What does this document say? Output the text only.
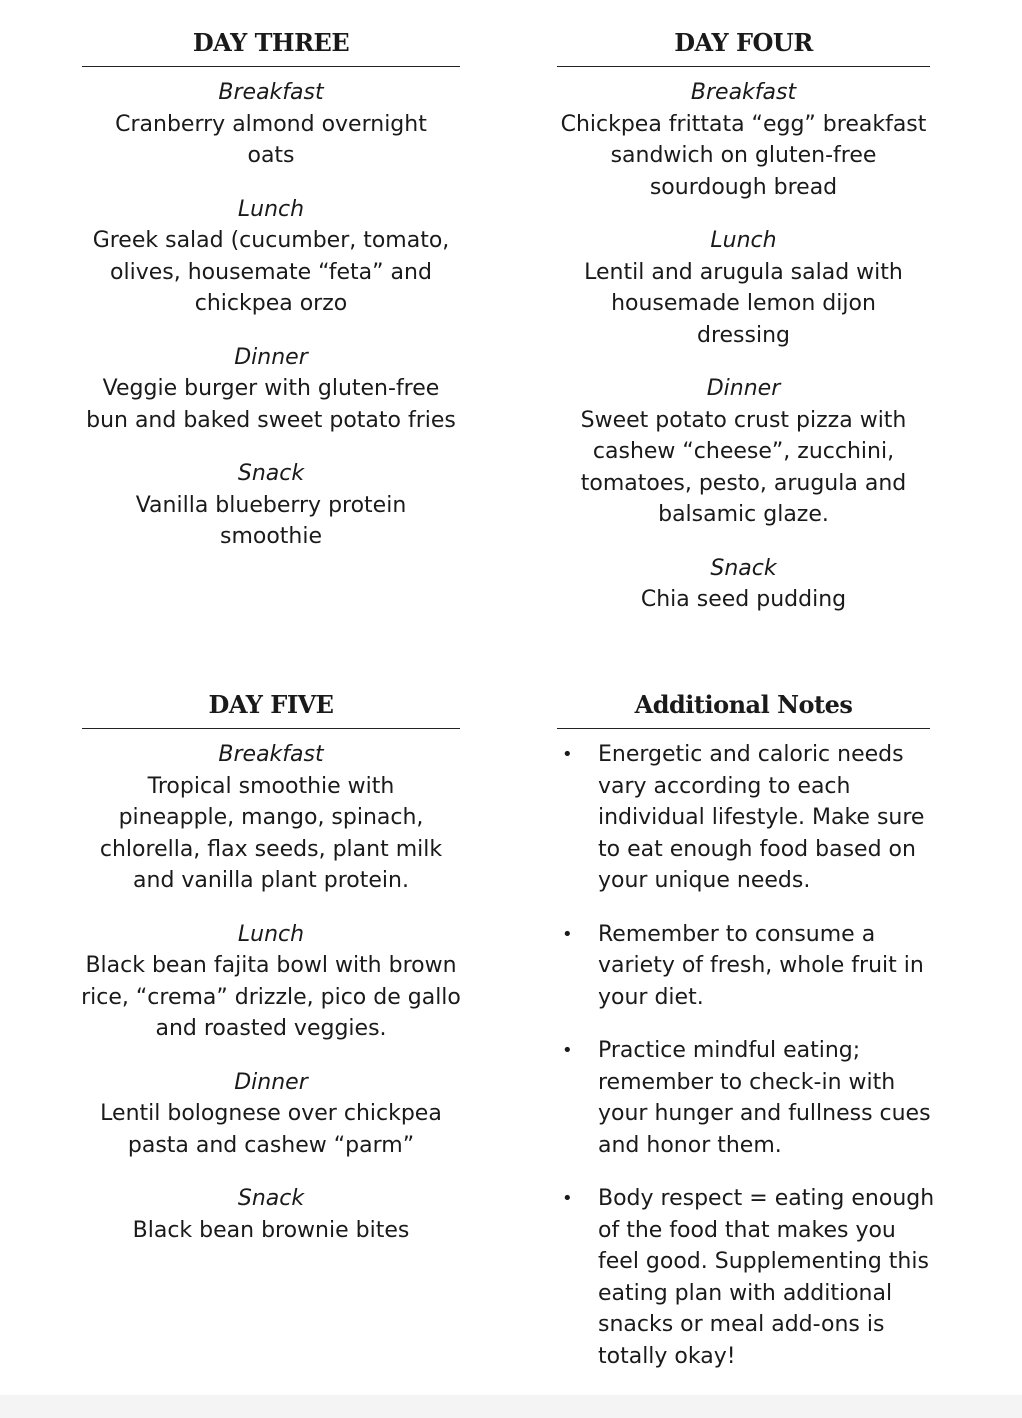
DAY THREE
Breakfast
Cranberry almond overnight oats
Lunch
Greek salad (cucumber, tomato, olives, housemate “feta” and chickpea orzo
Dinner
Veggie burger with gluten-free bun and baked sweet potato fries
Snack
Vanilla blueberry protein smoothie
DAY FOUR
Breakfast
Chickpea frittata “egg” breakfast sandwich on gluten-free sourdough bread
Lunch
Lentil and arugula salad with housemade lemon dijon dressing
Dinner
Sweet potato crust pizza with cashew “cheese”, zucchini, tomatoes, pesto, arugula and balsamic glaze.
Snack
Chia seed pudding
DAY FIVE
Breakfast
Tropical smoothie with pineapple, mango, spinach, chlorella, flax seeds, plant milk and vanilla plant protein.
Lunch
Black bean fajita bowl with brown rice, “crema” drizzle, pico de gallo and roasted veggies.
Dinner
Lentil bolognese over chickpea pasta and cashew “parm”
Snack
Black bean brownie bites
Additional Notes
• Energetic and caloric needs vary according to each individual lifestyle. Make sure to eat enough food based on your unique needs.
• Remember to consume a variety of fresh, whole fruit in your diet.
• Practice mindful eating; remember to check-in with your hunger and fullness cues and honor them.
• Body respect = eating enough of the food that makes you feel good. Supplementing this eating plan with additional snacks or meal add-ons is totally okay!
